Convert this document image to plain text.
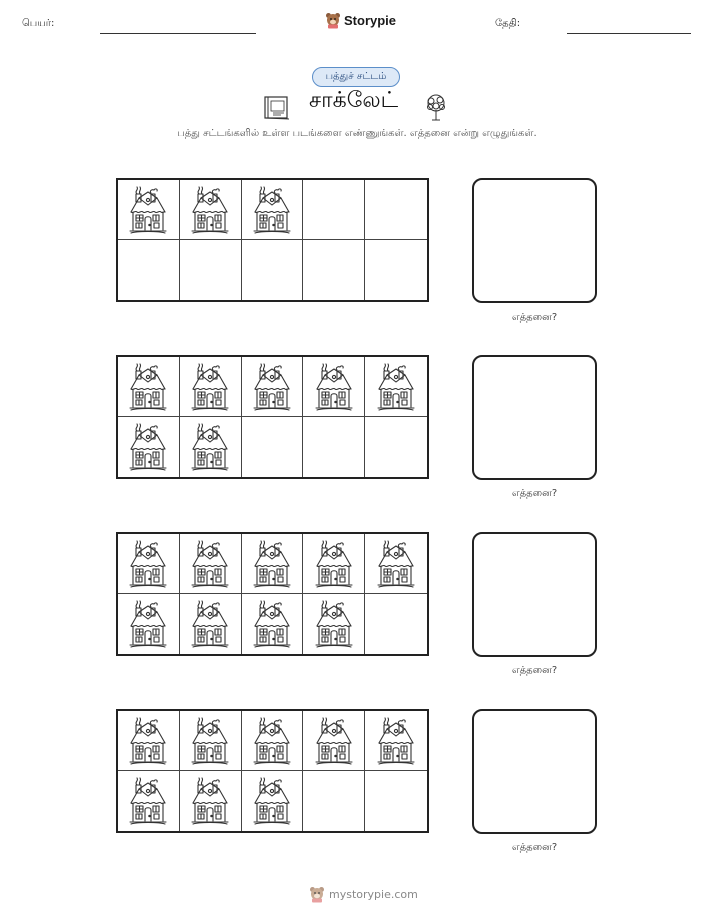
பெயர்:	Storypie	தேதி:
பத்துச் சட்டம்
சாக்லேட்
பத்து சட்டங்களில் உள்ள படங்களை எண்ணுங்கள். எத்தனை என்று எழுதுங்கள்.
எத்தனை?
எத்தனை?
எத்தனை?
எத்தனை?
mystorypie.com
